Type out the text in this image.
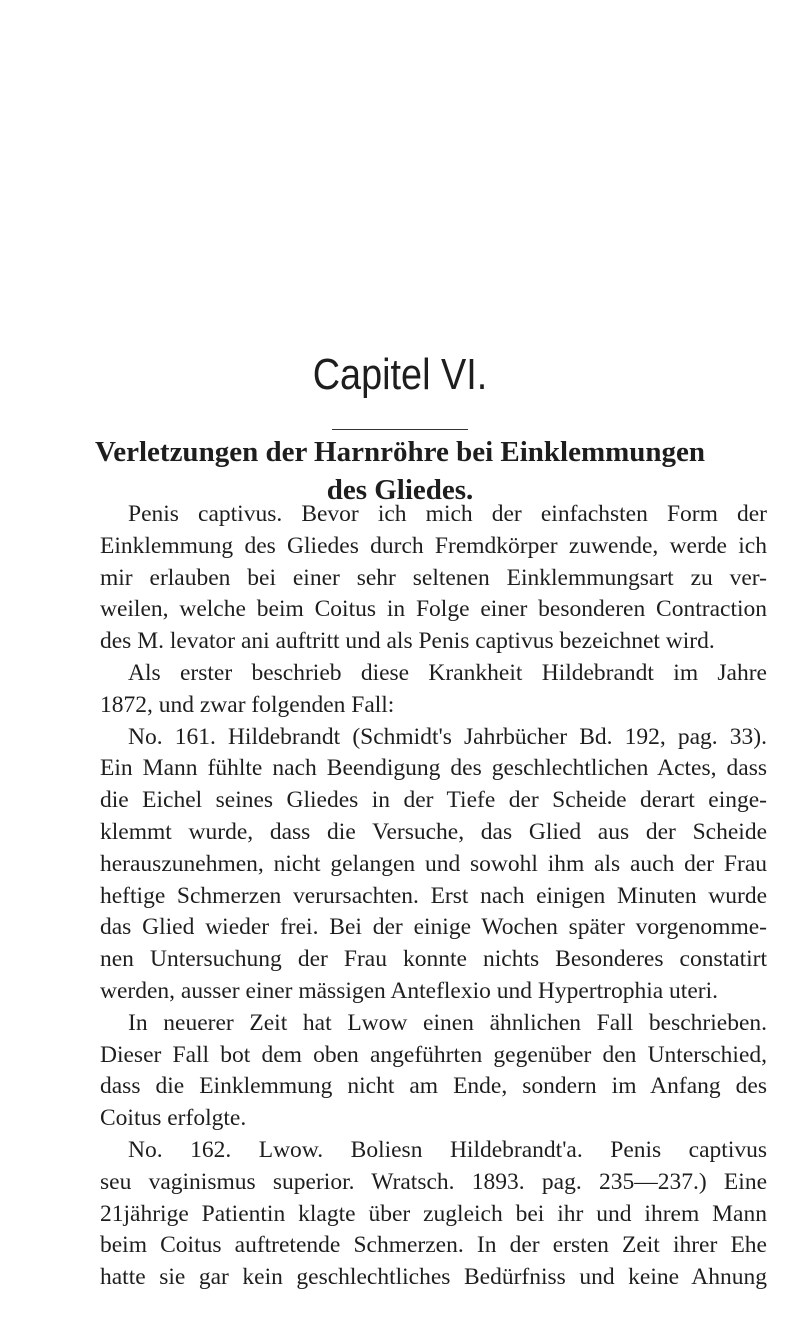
Capitel VI.
Verletzungen der Harnröhre bei Einklemmungen
des Gliedes.

Penis captivus. Bevor ich mich der einfachsten Form der
Einklemmung des Gliedes durch Fremdkörper zuwende, werde ich
mir erlauben bei einer sehr seltenen Einklemmungsart zu ver-
weilen, welche beim Coitus in Folge einer besonderen Contraction
des M. levator ani auftritt und als Penis captivus bezeichnet wird.

Als erster beschrieb diese Krankheit Hildebrandt im Jahre
1872, und zwar folgenden Fall:

No. 161. Hildebrandt (Schmidt's Jahrbücher Bd. 192, pag. 33).
Ein Mann fühlte nach Beendigung des geschlechtlichen Actes, dass
die Eichel seines Gliedes in der Tiefe der Scheide derart einge-
klemmt wurde, dass die Versuche, das Glied aus der Scheide
herauszunehmen, nicht gelangen und sowohl ihm als auch der Frau
heftige Schmerzen verursachten. Erst nach einigen Minuten wurde
das Glied wieder frei. Bei der einige Wochen später vorgenomme-
nen Untersuchung der Frau konnte nichts Besonderes constatirt
werden, ausser einer mässigen Anteflexio und Hypertrophia uteri.

In neuerer Zeit hat Lwow einen ähnlichen Fall beschrieben.
Dieser Fall bot dem oben angeführten gegenüber den Unterschied,
dass die Einklemmung nicht am Ende, sondern im Anfang des
Coitus erfolgte.

No. 162. Lwow. Boliesn Hildebrandt'a. Penis captivus
seu vaginismus superior. Wratsch. 1893. pag. 235—237.) Eine
21jährige Patientin klagte über zugleich bei ihr und ihrem Mann
beim Coitus auftretende Schmerzen. In der ersten Zeit ihrer Ehe
hatte sie gar kein geschlechtliches Bedürfniss und keine Ahnung
